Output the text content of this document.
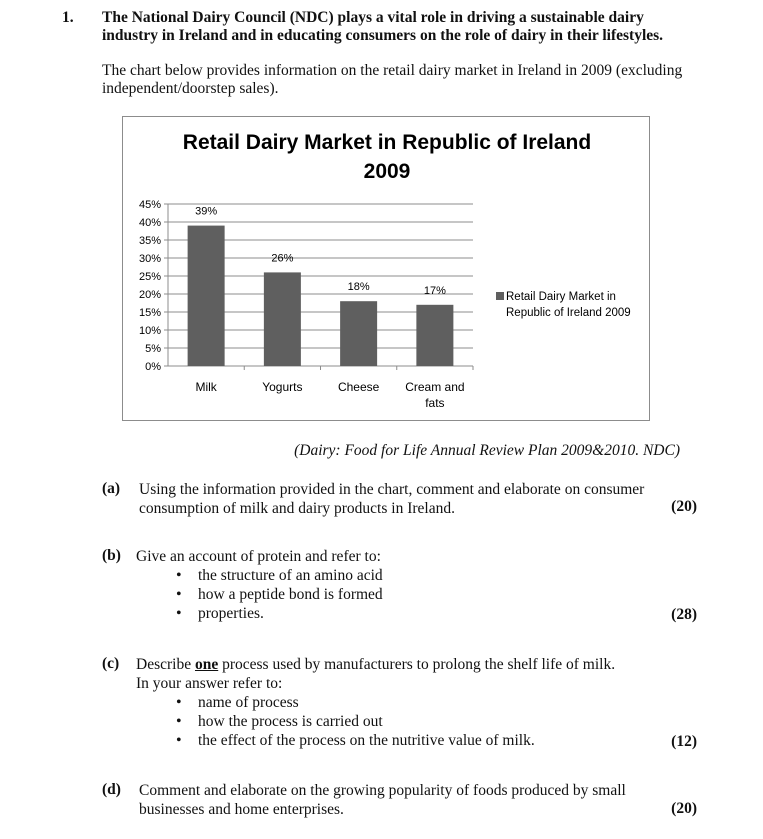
1. The National Dairy Council (NDC) plays a vital role in driving a sustainable dairy
industry in Ireland and in educating consumers on the role of dairy in their lifestyles.
The chart below provides information on the retail dairy market in Ireland in 2009 (excluding
independent/doorstep sales).
Retail Dairy Market in Republic of Ireland
2009
0%
5%
10%
15%
20%
25%
30%
35%
40%
45%
39%
Milk
26%
Yogurts
18%
Cheese
17%
Cream and
fats
Retail Dairy Market in
Republic of Ireland 2009
(Dairy: Food for Life Annual Review Plan 2009&2010. NDC)
(a) Using the information provided in the chart, comment and elaborate on consumer
consumption of milk and dairy products in Ireland.	(20)
(b) Give an account of protein and refer to:
• the structure of an amino acid
• how a peptide bond is formed
• properties.	(28)
(c) Describe one process used by manufacturers to prolong the shelf life of milk.
In your answer refer to:
• name of process
• how the process is carried out
• the effect of the process on the nutritive value of milk.	(12)
(d) Comment and elaborate on the growing popularity of foods produced by small
businesses and home enterprises.	(20)
